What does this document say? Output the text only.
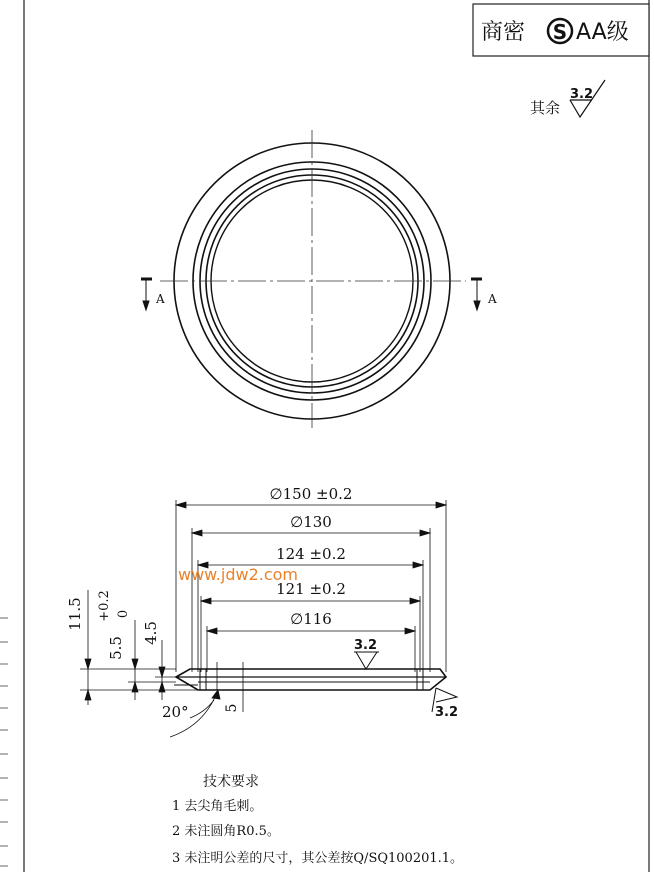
商密 S AA级
其余
3.2
A	A
∅150 ±0.2
∅130
124 ±0.2
121 ±0.2
∅116
11.5
5.5
+0.2 0
4.5
5
20°
3.2
3.2
www.jdw2.com
技术要求
1 去尖角毛刺。
2 未注圆角R0.5。
3 未注明公差的尺寸，其公差按Q/SQ100201.1。
